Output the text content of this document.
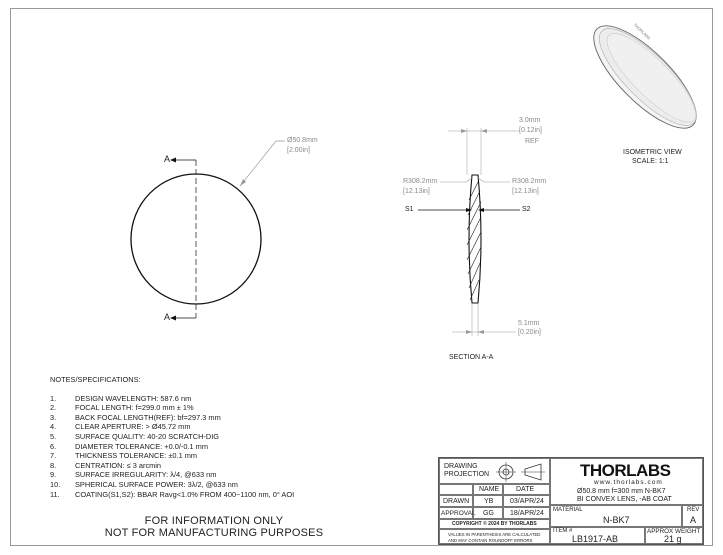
Ø50.8mm
[2.00in]
3.0mm
[0.12in]
REF
R308.2mm
[12.13in]
R308.2mm
[12.13in]
5.1mm
[0.20in]
A
A
S1	S2
SECTION A-A
ISOMETRIC VIEW
SCALE: 1:1
THORLABS
NOTES/SPECIFICATIONS:
1.	DESIGN WAVELENGTH: 587.6 nm
2.	FOCAL LENGTH: f=299.0 mm ± 1%
3.	BACK FOCAL LENGTH(REF): bf=297.3 mm
4.	CLEAR APERTURE: > Ø45.72 mm
5.	SURFACE QUALITY: 40-20 SCRATCH-DIG
6.	DIAMETER TOLERANCE: +0.0/-0.1 mm
7.	THICKNESS TOLERANCE: ±0.1 mm
8.	CENTRATION: ≤ 3 arcmin
9.	SURFACE IRREGULARITY: λ/4, @633 nm
10.	SPHERICAL SURFACE POWER: 3λ/2, @633 nm
11.	COATING(S1,S2): BBAR Ravg<1.0% FROM 400~1100 nm, 0° AOI
FOR INFORMATION ONLY
NOT FOR MANUFACTURING PURPOSES
DRAWING PROJECTION
NAME DATE
DRAWN YB 03/APR/24
APPROVAL GG 18/APR/24
COPYRIGHT © 2024 BY THORLABS
VALUES IN PARENTHESIS ARE CALCULATED
AND MAY CONTAIN ROUNDOFF ERRORS
THORLABS
www.thorlabs.com
Ø50.8 mm f=300 mm N-BK7
BI CONVEX LENS, -AB COAT
MATERIAL
N-BK7
REV
A
ITEM #
LB1917-AB
APPROX WEIGHT
21 g
